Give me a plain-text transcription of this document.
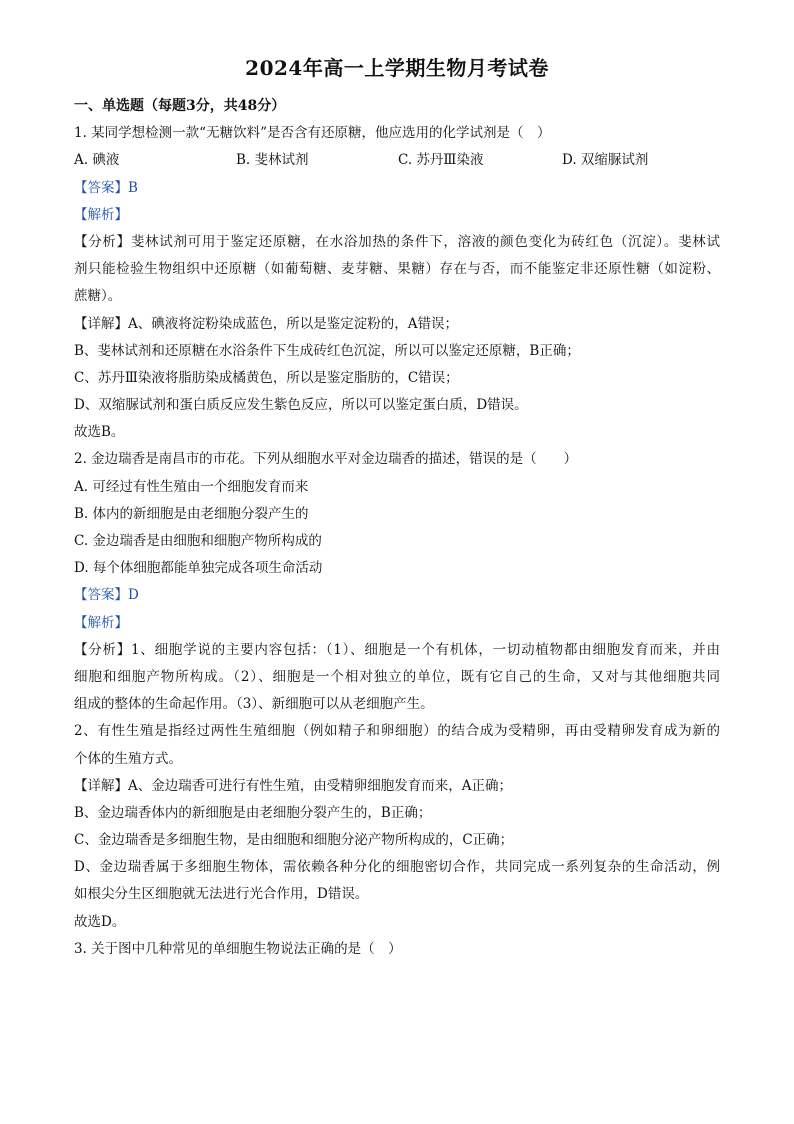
2024年高一上学期生物月考试卷
一、单选题（每题3分，共48分）
1. 某同学想检测一款“无糖饮料”是否含有还原糖，他应选用的化学试剂是（　）
A. 碘液	B. 斐林试剂	C. 苏丹Ⅲ染液	D. 双缩脲试剂
【答案】B
【解析】
【分析】斐林试剂可用于鉴定还原糖，在水浴加热的条件下，溶液的颜色变化为砖红色（沉淀）。斐林试
剂只能检验生物组织中还原糖（如葡萄糖、麦芽糖、果糖）存在与否，而不能鉴定非还原性糖（如淀粉、
蔗糖）。
【详解】A、碘液将淀粉染成蓝色，所以是鉴定淀粉的，A错误；
B、斐林试剂和还原糖在水浴条件下生成砖红色沉淀，所以可以鉴定还原糖，B正确；
C、苏丹Ⅲ染液将脂肪染成橘黄色，所以是鉴定脂肪的，C错误；
D、双缩脲试剂和蛋白质反应发生紫色反应，所以可以鉴定蛋白质，D错误。
故选B。
2. 金边瑞香是南昌市的市花。下列从细胞水平对金边瑞香的描述，错误的是（　　）
A. 可经过有性生殖由一个细胞发育而来
B. 体内的新细胞是由老细胞分裂产生的
C. 金边瑞香是由细胞和细胞产物所构成的
D. 每个体细胞都能单独完成各项生命活动
【答案】D
【解析】
【分析】1、细胞学说的主要内容包括：（1）、细胞是一个有机体，一切动植物都由细胞发育而来，并由
细胞和细胞产物所构成。（2）、细胞是一个相对独立的单位，既有它自己的生命，又对与其他细胞共同
组成的整体的生命起作用。（3）、新细胞可以从老细胞产生。
2、有性生殖是指经过两性生殖细胞（例如精子和卵细胞）的结合成为受精卵，再由受精卵发育成为新的
个体的生殖方式。
【详解】A、金边瑞香可进行有性生殖，由受精卵细胞发育而来，A正确；
B、金边瑞香体内的新细胞是由老细胞分裂产生的，B正确；
C、金边瑞香是多细胞生物，是由细胞和细胞分泌产物所构成的，C正确；
D、金边瑞香属于多细胞生物体，需依赖各种分化的细胞密切合作，共同完成一系列复杂的生命活动，例
如根尖分生区细胞就无法进行光合作用，D错误。
故选D。
3. 关于图中几种常见的单细胞生物说法正确的是（　）
